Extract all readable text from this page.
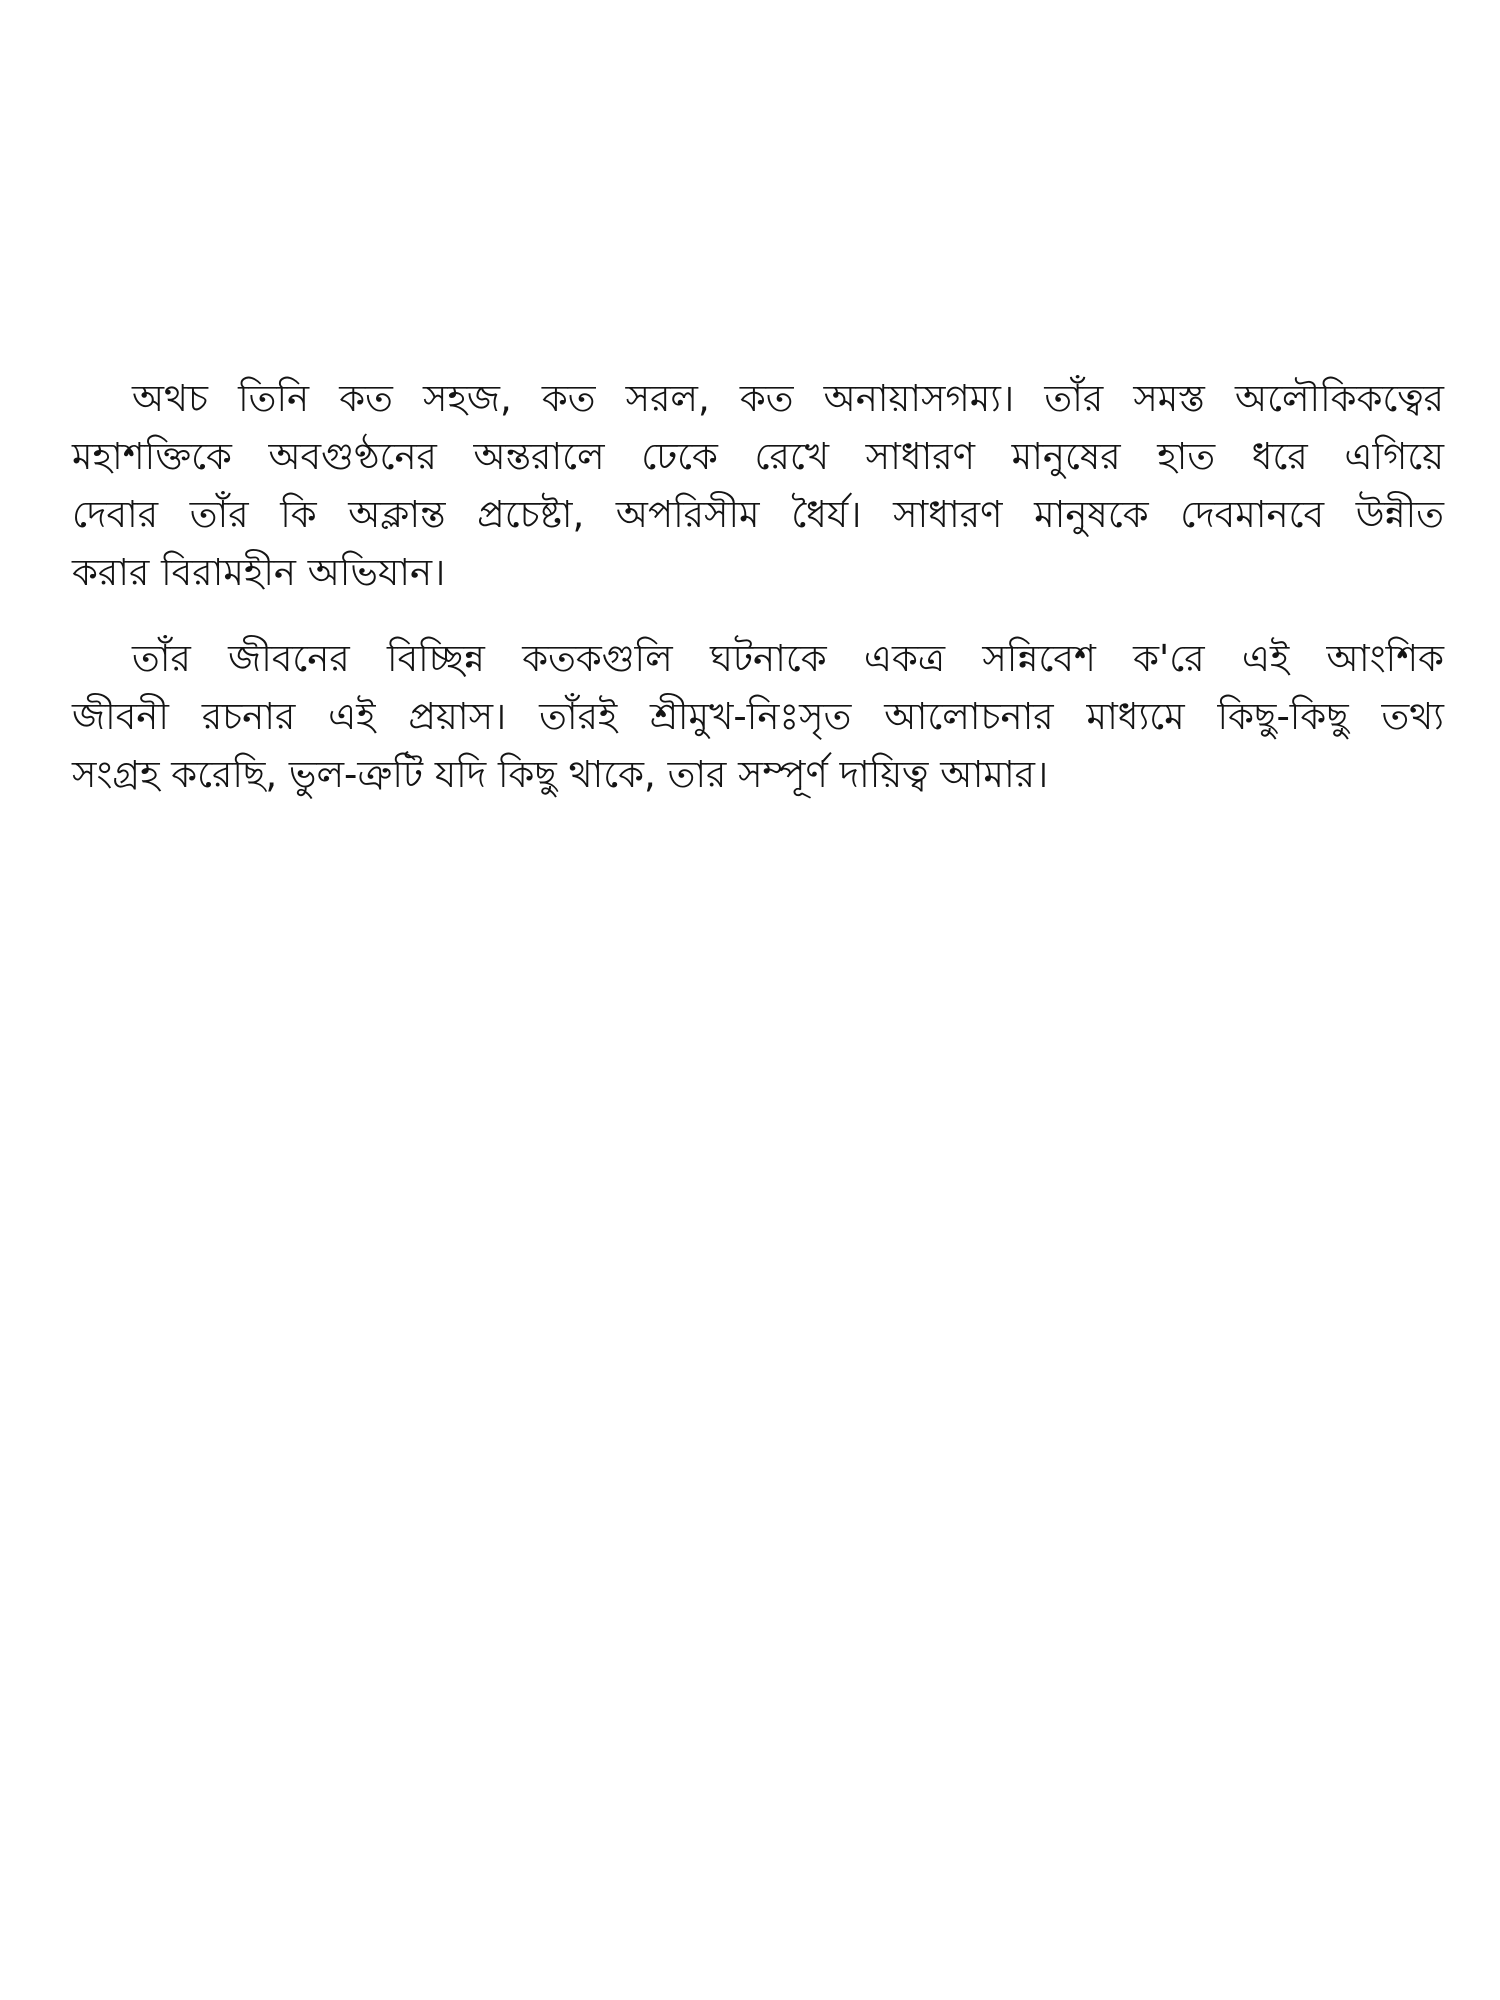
অথচ তিনি কত সহজ, কত সরল, কত অনায়াসগম্য। তাঁর সমস্ত অলৌকিকত্বের
মহাশক্তিকে অবগুণ্ঠনের অন্তরালে ঢেকে রেখে সাধারণ মানুষের হাত ধরে এগিয়ে
দেবার তাঁর কি অক্লান্ত প্রচেষ্টা, অপরিসীম ধৈর্য। সাধারণ মানুষকে দেবমানবে উন্নীত
করার বিরামহীন অভিযান।
তাঁর জীবনের বিচ্ছিন্ন কতকগুলি ঘটনাকে একত্র সন্নিবেশ ক'রে এই আংশিক
জীবনী রচনার এই প্রয়াস। তাঁরই শ্রীমুখ-নিঃসৃত আলোচনার মাধ্যমে কিছু-কিছু তথ্য
সংগ্রহ করেছি, ভুল-ত্রুটি যদি কিছু থাকে, তার সম্পূর্ণ দায়িত্ব আমার।
